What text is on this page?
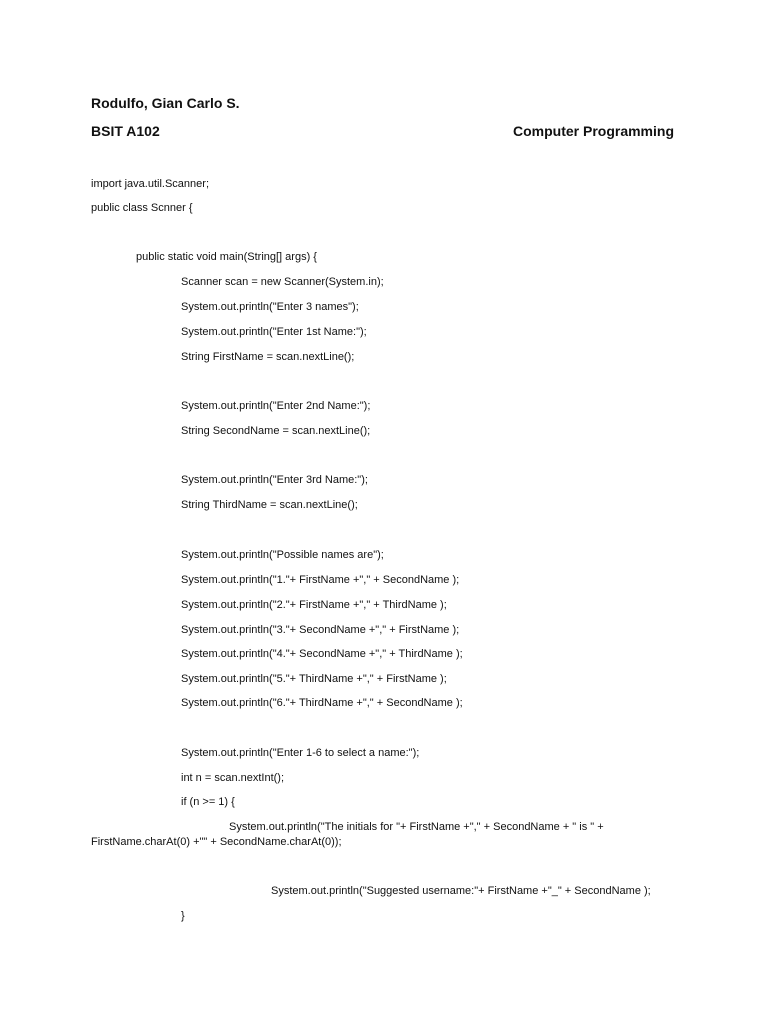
Rodulfo, Gian Carlo S.
BSIT A102	Computer Programming
import java.util.Scanner;
public class Scnner {
public static void main(String[] args) {
Scanner scan = new Scanner(System.in);
System.out.println("Enter 3 names");
System.out.println("Enter 1st Name:");
String FirstName = scan.nextLine();
System.out.println("Enter 2nd Name:");
String SecondName = scan.nextLine();
System.out.println("Enter 3rd Name:");
String ThirdName = scan.nextLine();
System.out.println("Possible names are");
System.out.println("1."+ FirstName +"," + SecondName );
System.out.println("2."+ FirstName +"," + ThirdName );
System.out.println("3."+ SecondName +"," + FirstName );
System.out.println("4."+ SecondName +"," + ThirdName );
System.out.println("5."+ ThirdName +"," + FirstName );
System.out.println("6."+ ThirdName +"," + SecondName );
System.out.println("Enter 1-6 to select a name:");
int n = scan.nextInt();
if (n >= 1) {
System.out.println("The initials for "+ FirstName +"," + SecondName + " is " +
FirstName.charAt(0) +"" + SecondName.charAt(0));
System.out.println("Suggested username:"+ FirstName +"_" + SecondName );
}
